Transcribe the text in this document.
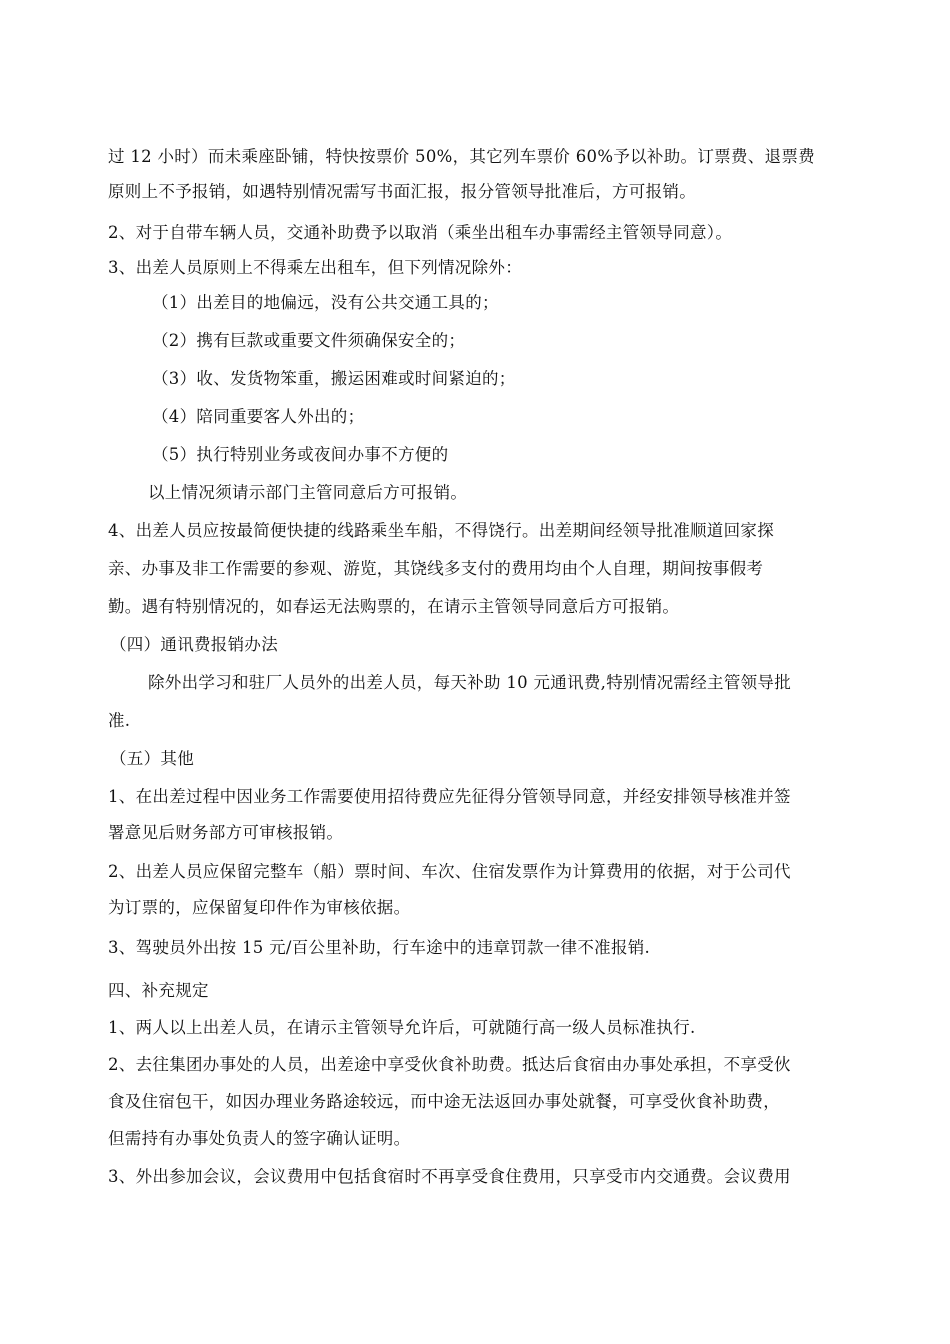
过 12 小时）而未乘座卧铺，特快按票价 50%，其它列车票价 60%予以补助。订票费、退票费
原则上不予报销，如遇特别情况需写书面汇报，报分管领导批准后，方可报销。
2、对于自带车辆人员，交通补助费予以取消（乘坐出租车办事需经主管领导同意）。
3、出差人员原则上不得乘左出租车，但下列情况除外：
（1）出差目的地偏远，没有公共交通工具的；
（2）携有巨款或重要文件须确保安全的；
（3）收、发货物笨重，搬运困难或时间紧迫的；
（4）陪同重要客人外出的；
（5）执行特别业务或夜间办事不方便的
以上情况须请示部门主管同意后方可报销。
4、出差人员应按最简便快捷的线路乘坐车船，不得饶行。出差期间经领导批准顺道回家探
亲、办事及非工作需要的参观、游览，其饶线多支付的费用均由个人自理，期间按事假考
勤。遇有特别情况的，如春运无法购票的，在请示主管领导同意后方可报销。
（四）通讯费报销办法
除外出学习和驻厂人员外的出差人员，每天补助 10 元通讯费,特别情况需经主管领导批
准.
（五）其他
1、在出差过程中因业务工作需要使用招待费应先征得分管领导同意，并经安排领导核准并签
署意见后财务部方可审核报销。
2、出差人员应保留完整车（船）票时间、车次、住宿发票作为计算费用的依据，对于公司代
为订票的，应保留复印件作为审核依据。
3、驾驶员外出按 15 元/百公里补助，行车途中的违章罚款一律不准报销.
四、补充规定
1、两人以上出差人员，在请示主管领导允许后，可就随行高一级人员标准执行.
2、去往集团办事处的人员，出差途中享受伙食补助费。抵达后食宿由办事处承担，不享受伙
食及住宿包干，如因办理业务路途较远，而中途无法返回办事处就餐，可享受伙食补助费，
但需持有办事处负责人的签字确认证明。
3、外出参加会议，会议费用中包括食宿时不再享受食住费用，只享受市内交通费。会议费用
